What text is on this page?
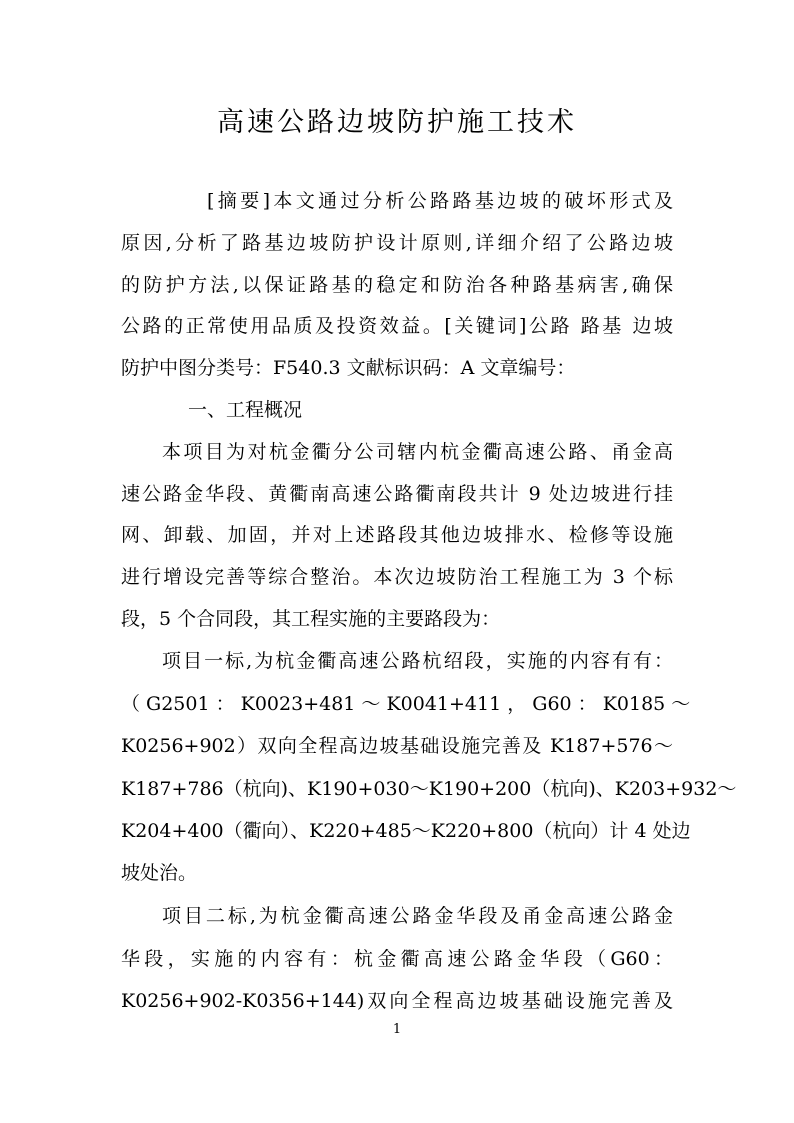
高速公路边坡防护施工技术
[摘要]本文通过分析公路路基边坡的破坏形式及
原因,分析了路基边坡防护设计原则,详细介绍了公路边坡
的防护方法,以保证路基的稳定和防治各种路基病害,确保
公路的正常使用品质及投资效益。[关键词]公路 路基 边坡
防护中图分类号：F540.3 文献标识码：A 文章编号：
一、工程概况
本项目为对杭金衢分公司辖内杭金衢高速公路、甬金高
速公路金华段、黄衢南高速公路衢南段共计 9 处边坡进行挂
网、卸载、加固，并对上述路段其他边坡排水、检修等设施
进行增设完善等综合整治。本次边坡防治工程施工为 3 个标
段，5 个合同段，其工程实施的主要路段为：
项目一标,为杭金衢高速公路杭绍段，实施的内容有有：
（ G2501 ： K0023+481 ～ K0041+411 ， G60 ： K0185 ～
K0256+902）双向全程高边坡基础设施完善及 K187+576～
K187+786（杭向)、K190+030～K190+200（杭向)、K203+932～
K204+400（衢向）、K220+485～K220+800（杭向）计 4 处边
坡处治。
项目二标,为杭金衢高速公路金华段及甬金高速公路金
华段，实施的内容有：杭金衢高速公路金华段（G60：
K0256+902-K0356+144)双向全程高边坡基础设施完善及
1
